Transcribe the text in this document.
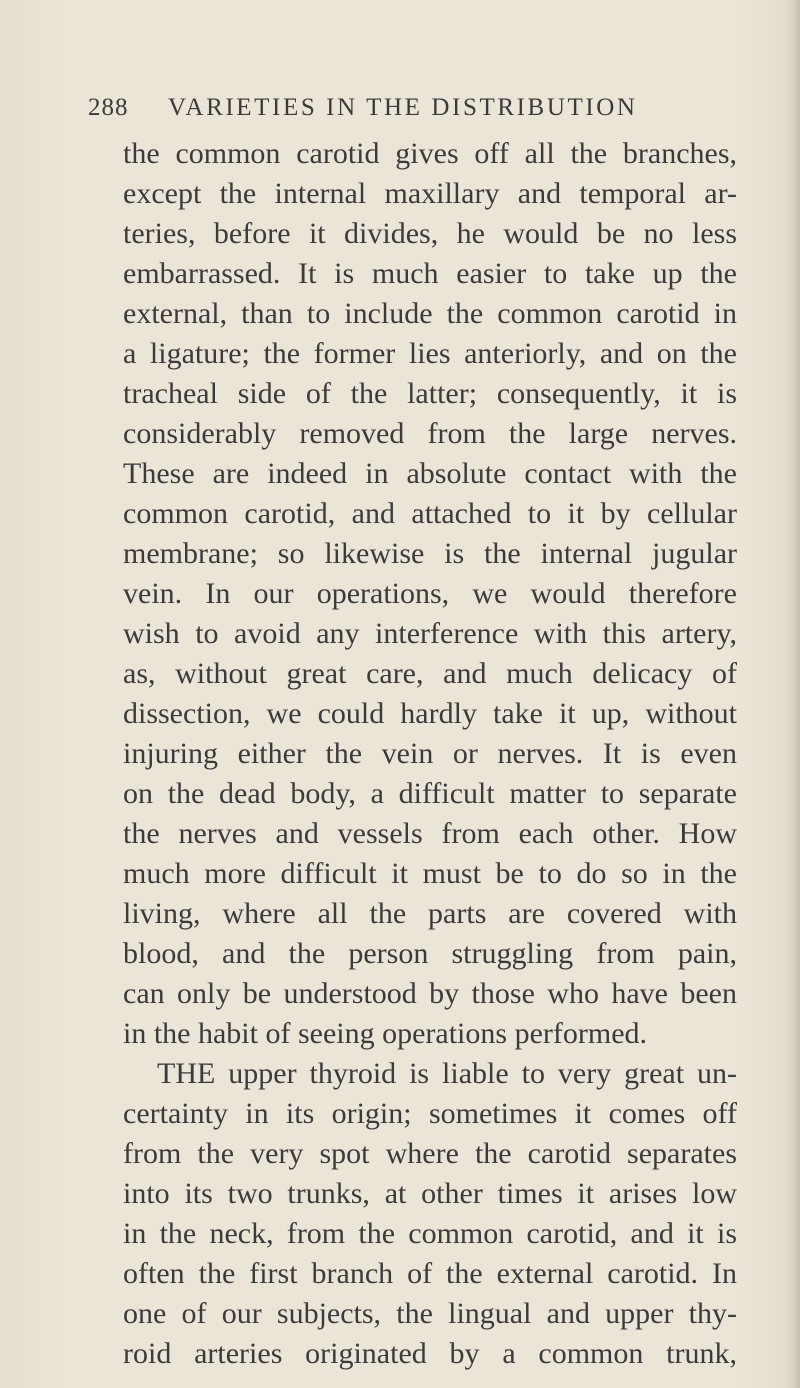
288 VARIETIES IN THE DISTRIBUTION
the common carotid gives off all the branches,
except the internal maxillary and temporal ar-
teries, before it divides, he would be no less
embarrassed. It is much easier to take up the
external, than to include the common carotid in
a ligature; the former lies anteriorly, and on the
tracheal side of the latter; consequently, it is
considerably removed from the large nerves.
These are indeed in absolute contact with the
common carotid, and attached to it by cellular
membrane; so likewise is the internal jugular
vein. In our operations, we would therefore
wish to avoid any interference with this artery,
as, without great care, and much delicacy of
dissection, we could hardly take it up, without
injuring either the vein or nerves. It is even
on the dead body, a difficult matter to separate
the nerves and vessels from each other. How
much more difficult it must be to do so in the
living, where all the parts are covered with
blood, and the person struggling from pain,
can only be understood by those who have been
in the habit of seeing operations performed.
THE upper thyroid is liable to very great un-
certainty in its origin; sometimes it comes off
from the very spot where the carotid separates
into its two trunks, at other times it arises low
in the neck, from the common carotid, and it is
often the first branch of the external carotid. In
one of our subjects, the lingual and upper thy-
roid arteries originated by a common trunk,
